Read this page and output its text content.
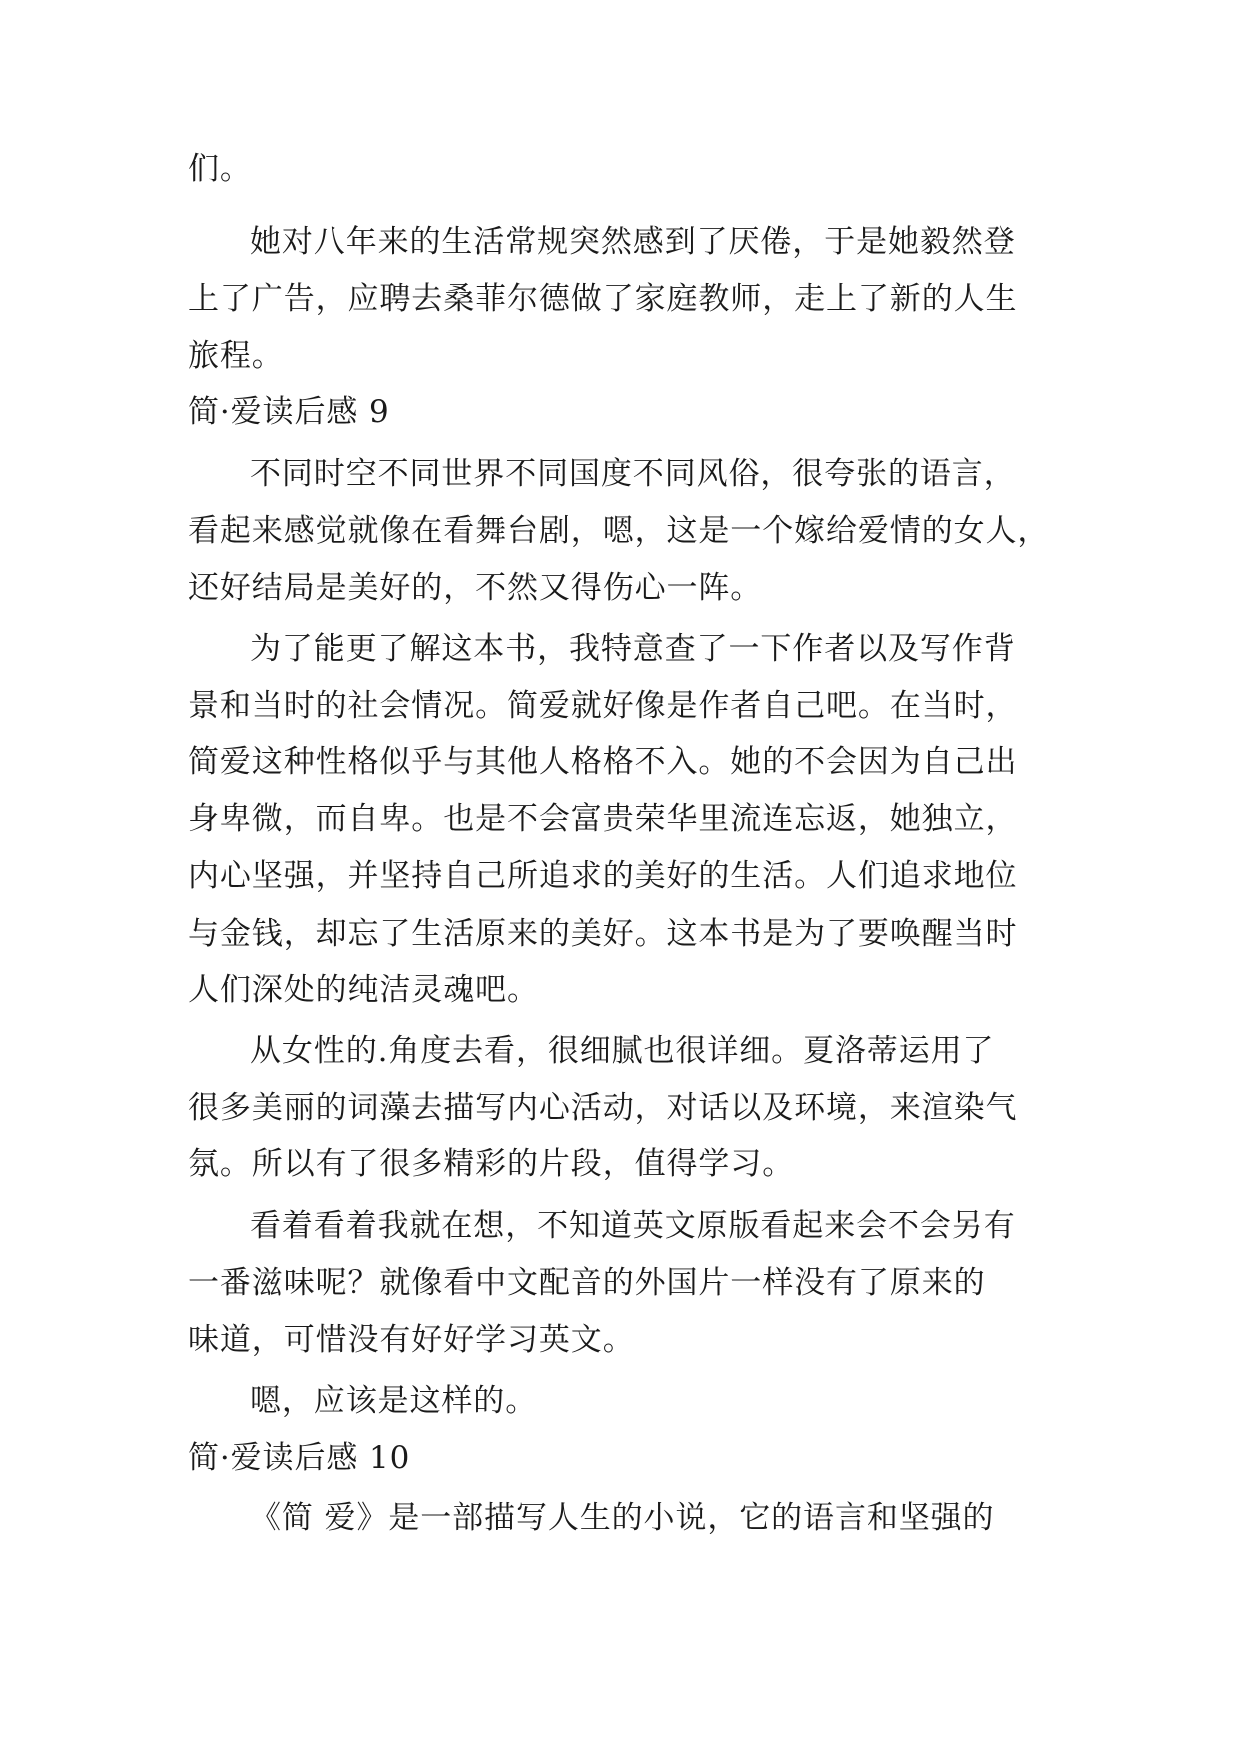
们。

她对八年来的生活常规突然感到了厌倦，于是她毅然登

上了广告，应聘去桑菲尔德做了家庭教师，走上了新的人生

旅程。

简·爱读后感 9

不同时空不同世界不同国度不同风俗，很夸张的语言，

看起来感觉就像在看舞台剧，嗯，这是一个嫁给爱情的女人，

还好结局是美好的，不然又得伤心一阵。

为了能更了解这本书，我特意查了一下作者以及写作背

景和当时的社会情况。简爱就好像是作者自己吧。在当时，

简爱这种性格似乎与其他人格格不入。她的不会因为自己出

身卑微，而自卑。也是不会富贵荣华里流连忘返，她独立，

内心坚强，并坚持自己所追求的美好的生活。人们追求地位

与金钱，却忘了生活原来的美好。这本书是为了要唤醒当时

人们深处的纯洁灵魂吧。

从女性的.角度去看，很细腻也很详细。夏洛蒂运用了

很多美丽的词藻去描写内心活动，对话以及环境，来渲染气

氛。所以有了很多精彩的片段，值得学习。

看着看着我就在想，不知道英文原版看起来会不会另有

一番滋味呢？就像看中文配音的外国片一样没有了原来的

味道，可惜没有好好学习英文。

嗯，应该是这样的。

简·爱读后感 10

《简 爱》是一部描写人生的小说，它的语言和坚强的
